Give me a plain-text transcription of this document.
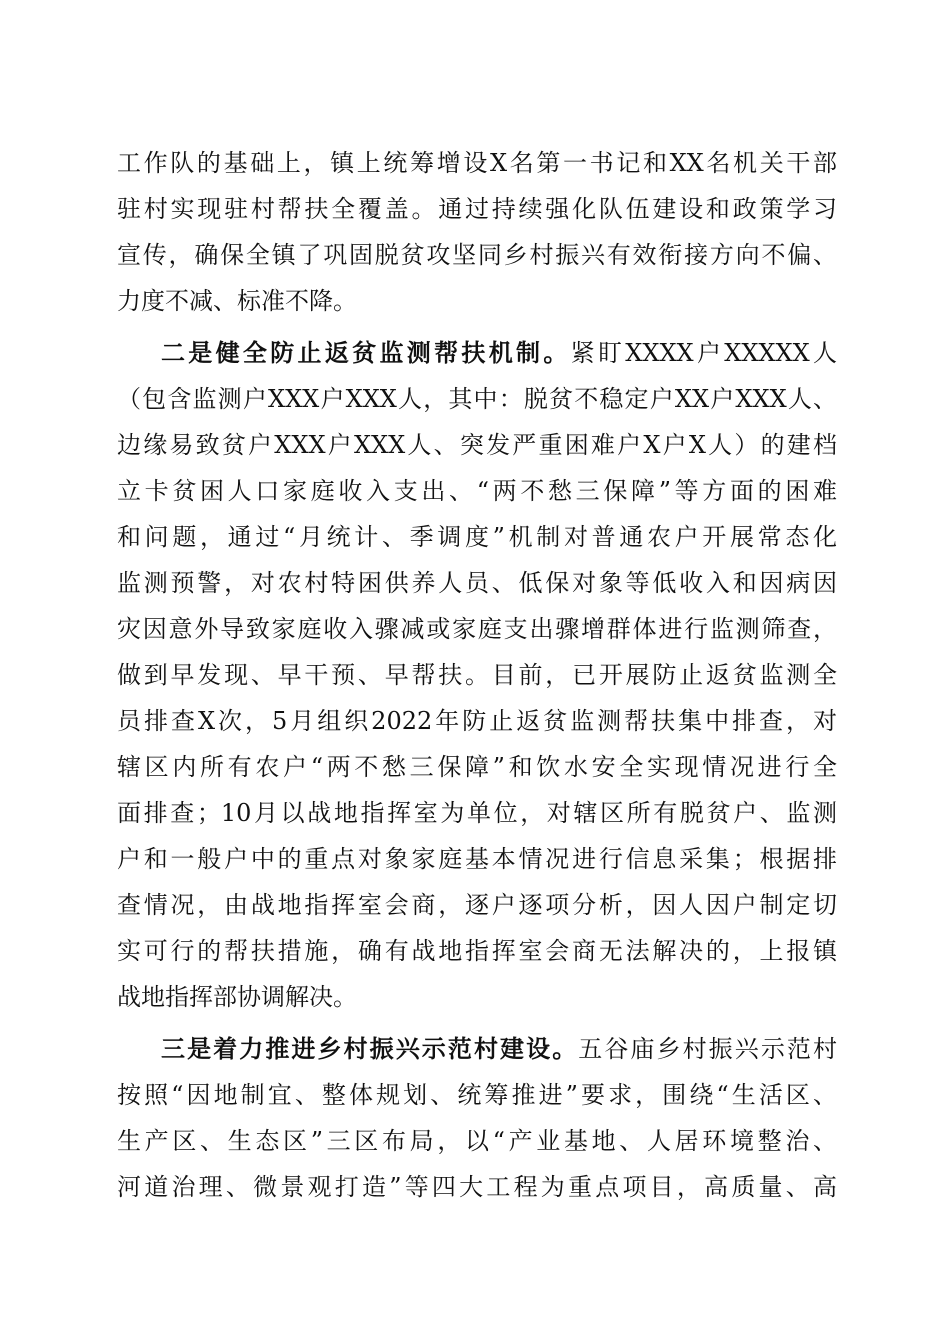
工作队的基础上，镇上统筹增设X名第一书记和XX名机关干部
驻村实现驻村帮扶全覆盖。通过持续强化队伍建设和政策学习
宣传，确保全镇了巩固脱贫攻坚同乡村振兴有效衔接方向不偏、
力度不减、标准不降。
二是健全防止返贫监测帮扶机制。紧盯XXXX户XXXXX人
（包含监测户XXX户XXX人，其中：脱贫不稳定户XX户XXX人、
边缘易致贫户XXX户XXX人、突发严重困难户X户X人）的建档
立卡贫困人口家庭收入支出、“两不愁三保障”等方面的困难
和问题，通过“月统计、季调度”机制对普通农户开展常态化
监测预警，对农村特困供养人员、低保对象等低收入和因病因
灾因意外导致家庭收入骤减或家庭支出骤增群体进行监测筛查，
做到早发现、早干预、早帮扶。目前，已开展防止返贫监测全
员排查X次，5月组织2022年防止返贫监测帮扶集中排查，对
辖区内所有农户“两不愁三保障”和饮水安全实现情况进行全
面排查；10月以战地指挥室为单位，对辖区所有脱贫户、监测
户和一般户中的重点对象家庭基本情况进行信息采集；根据排
查情况，由战地指挥室会商，逐户逐项分析，因人因户制定切
实可行的帮扶措施，确有战地指挥室会商无法解决的，上报镇
战地指挥部协调解决。
三是着力推进乡村振兴示范村建设。五谷庙乡村振兴示范村
按照“因地制宜、整体规划、统筹推进”要求，围绕“生活区、
生产区、生态区”三区布局，以“产业基地、人居环境整治、
河道治理、微景观打造”等四大工程为重点项目，高质量、高
